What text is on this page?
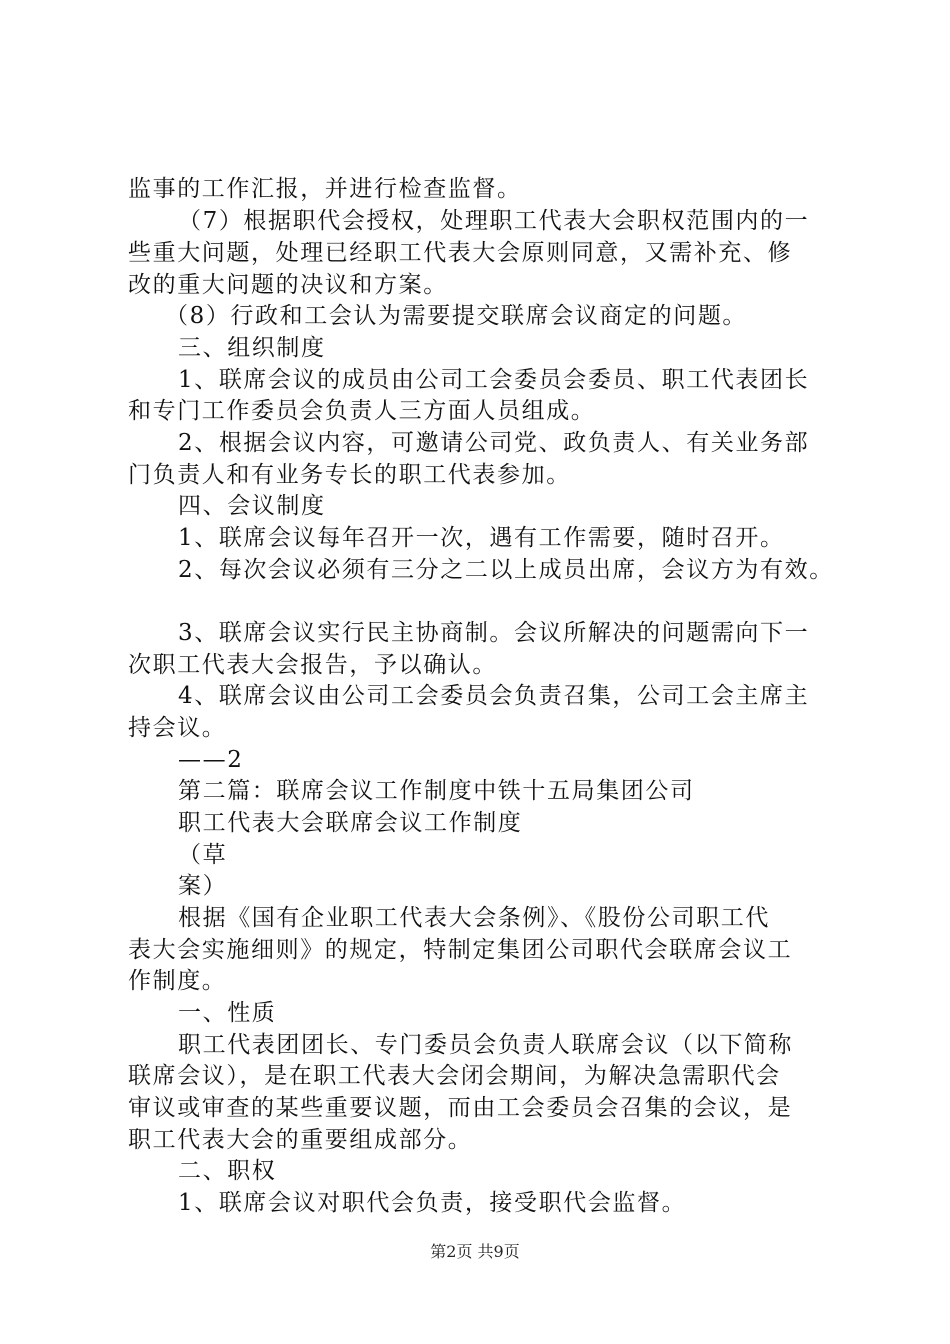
监事的工作汇报，并进行检查监督。
（7）根据职代会授权，处理职工代表大会职权范围内的一
些重大问题，处理已经职工代表大会原则同意，又需补充、修
改的重大问题的决议和方案。
（8）行政和工会认为需要提交联席会议商定的问题。
三、组织制度
1、联席会议的成员由公司工会委员会委员、职工代表团长
和专门工作委员会负责人三方面人员组成。
2、根据会议内容，可邀请公司党、政负责人、有关业务部
门负责人和有业务专长的职工代表参加。
四、会议制度
1、联席会议每年召开一次，遇有工作需要，随时召开。
2、每次会议必须有三分之二以上成员出席，会议方为有效。
3、联席会议实行民主协商制。会议所解决的问题需向下一
次职工代表大会报告，予以确认。
4、联席会议由公司工会委员会负责召集，公司工会主席主
持会议。
——2
第二篇：联席会议工作制度中铁十五局集团公司
职工代表大会联席会议工作制度
（草
案）
根据《国有企业职工代表大会条例》、《股份公司职工代
表大会实施细则》的规定，特制定集团公司职代会联席会议工
作制度。
一、性质
职工代表团团长、专门委员会负责人联席会议（以下简称
联席会议），是在职工代表大会闭会期间，为解决急需职代会
审议或审查的某些重要议题，而由工会委员会召集的会议，是
职工代表大会的重要组成部分。
二、职权
1、联席会议对职代会负责，接受职代会监督。
第2页 共9页
